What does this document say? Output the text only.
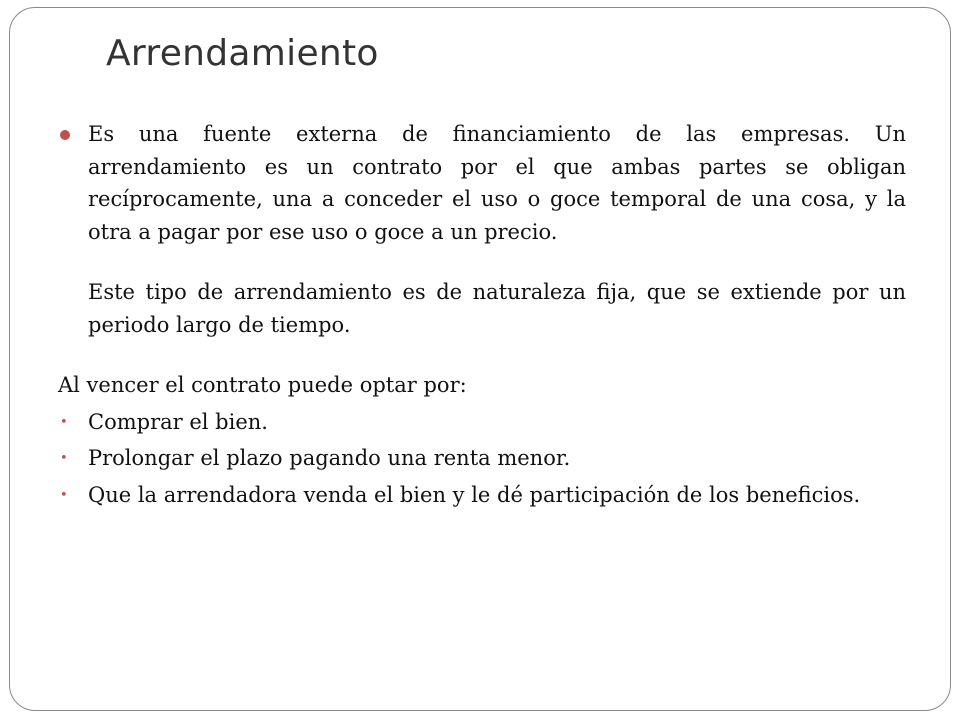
Arrendamiento

Es una fuente externa de financiamiento de las empresas. Un arrendamiento es un contrato por el que ambas partes se obligan recíprocamente, una a conceder el uso o goce temporal de una cosa, y la otra a pagar por ese uso o goce a un precio.

Este tipo de arrendamiento es de naturaleza fija, que se extiende por un periodo largo de tiempo.

Al vencer el contrato puede optar por:

• Comprar el bien.
• Prolongar el plazo pagando una renta menor.
• Que la arrendadora venda el bien y le dé participación de los beneficios.
